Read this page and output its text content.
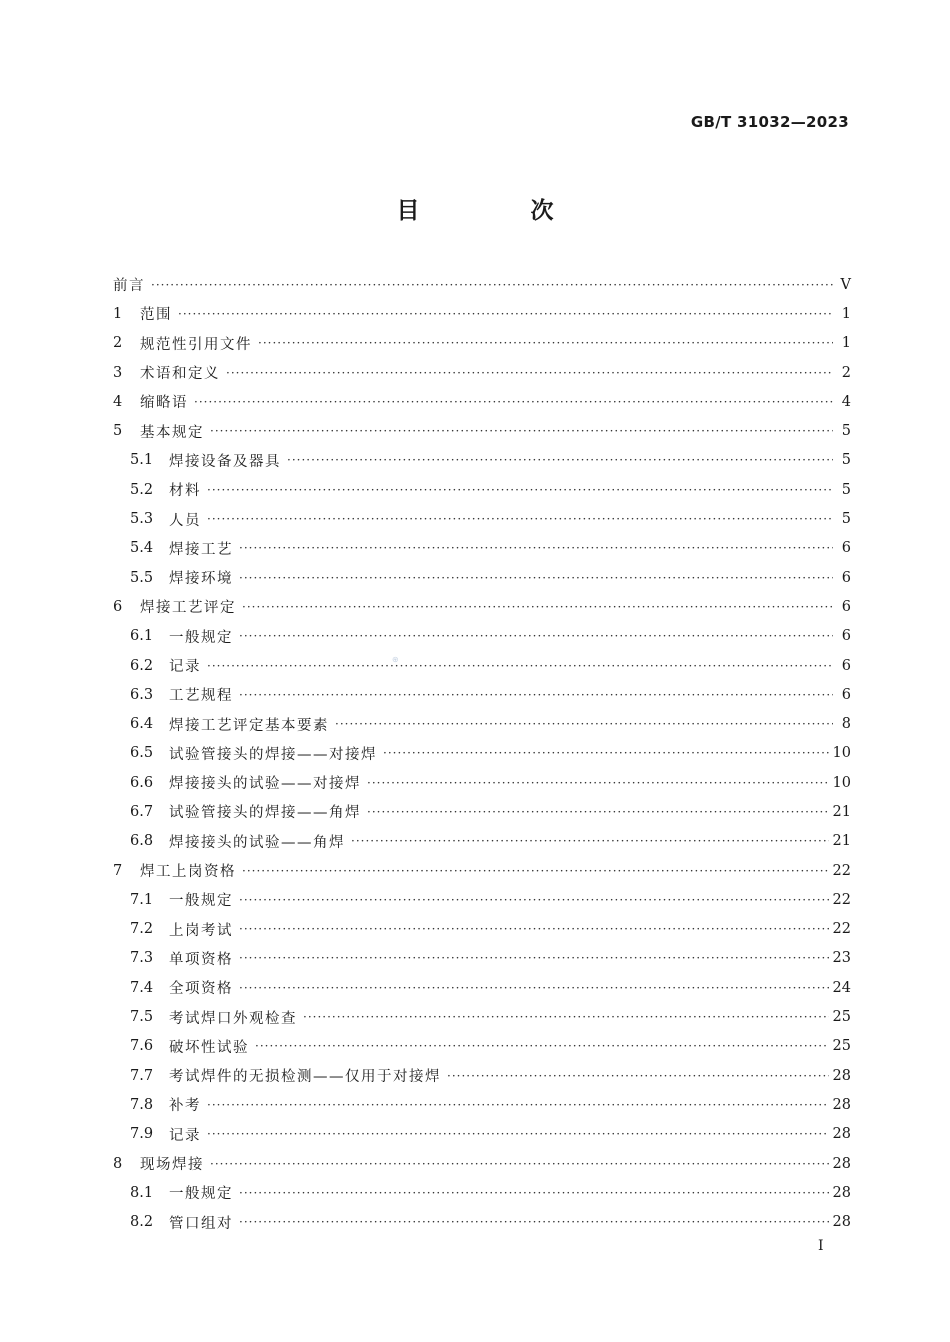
GB/T 31032—2023
目　次
前言 ·····	V
1	范围 ·····	1
2	规范性引用文件 ·····	1
3	术语和定义 ·····	2
4	缩略语 ·····	4
5	基本规定 ·····	5
5.1	焊接设备及器具 ·····	5
5.2	材料 ·····	5
5.3	人员 ·····	5
5.4	焊接工艺 ·····	6
5.5	焊接环境 ·····	6
6	焊接工艺评定 ·····	6
6.1	一般规定 ·····	6
6.2	记录 ·····	6
6.3	工艺规程 ·····	6
6.4	焊接工艺评定基本要素 ·····	8
6.5	试验管接头的焊接——对接焊 ·····	10
6.6	焊接接头的试验——对接焊 ·····	10
6.7	试验管接头的焊接——角焊 ·····	21
6.8	焊接接头的试验——角焊 ·····	21
7	焊工上岗资格 ·····	22
7.1	一般规定 ·····	22
7.2	上岗考试 ·····	22
7.3	单项资格 ·····	23
7.4	全项资格 ·····	24
7.5	考试焊口外观检查 ·····	25
7.6	破坏性试验 ·····	25
7.7	考试焊件的无损检测——仅用于对接焊 ·····	28
7.8	补考 ·····	28
7.9	记录 ·····	28
8	现场焊接 ·····	28
8.1	一般规定 ·····	28
8.2	管口组对 ·····	28
⊕
I
